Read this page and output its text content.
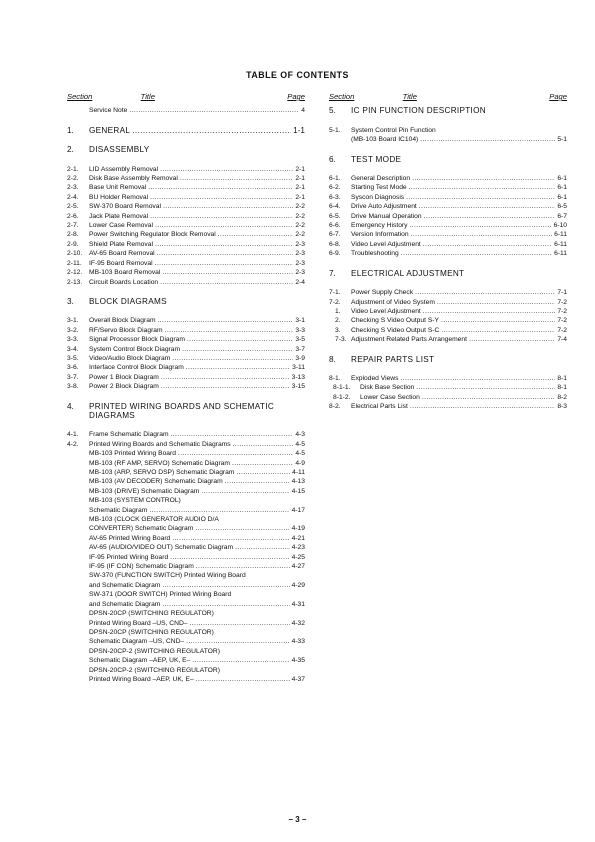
TABLE OF CONTENTS
Section	Title	Page
Service Note .....	4
1.	GENERAL .....	1-1
2.	DISASSEMBLY
2-1.	LID Assembly Removal .....	2-1
2-2.	Disk Base Assembly Removal .....	2-1
2-3.	Base Unit Removal .....	2-1
2-4.	BU Holder Removal .....	2-1
2-5.	SW-370 Board Removal .....	2-2
2-6.	Jack Plate Removal .....	2-2
2-7.	Lower Case Removal .....	2-2
2-8.	Power Switching Regulator Block Removal .....	2-2
2-9.	Shield Plate Removal .....	2-3
2-10.	AV-65 Board Removal .....	2-3
2-11.	IF-95 Board Removal .....	2-3
2-12.	MB-103 Board Removal .....	2-3
2-13.	Circuit Boards Location .....	2-4
3.	BLOCK DIAGRAMS
3-1.	Overall Block Diagram .....	3-1
3-2.	RF/Servo Block Diagram .....	3-3
3-3.	Signal Processor Block Diagram .....	3-5
3-4.	System Control Block Diagram .....	3-7
3-5.	Video/Audio Block Diagram .....	3-9
3-6.	Interface Control Block Diagram .....	3-11
3-7.	Power 1 Block Diagram .....	3-13
3-8.	Power 2 Block Diagram .....	3-15
4.	PRINTED WIRING BOARDS AND SCHEMATIC
DIAGRAMS
4-1.	Frame Schematic Diagram .....	4-3
4-2.	Printed Wiring Boards and Schematic Diagrams .....	4-5
MB-103 Printed Wiring Board .....	4-5
MB-103 (RF AMP, SERVO) Schematic Diagram .....	4-9
MB-103 (ARP, SERVO DSP) Schematic Diagram .....	4-11
MB-103 (AV DECODER) Schematic Diagram .....	4-13
MB-103 (DRIVE) Schematic Diagram .....	4-15
MB-103 (SYSTEM CONTROL)
Schematic Diagram .....	4-17
MB-103 (CLOCK GENERATOR AUDIO D/A
CONVERTER) Schematic Diagram .....	4-19
AV-65 Printed Wiring Board .....	4-21
AV-65 (AUDIO/VIDEO OUT) Schematic Diagram .....	4-23
IF-95 Printed Wiring Board .....	4-25
IF-95 (IF CON) Schematic Diagram .....	4-27
SW-370 (FUNCTION SWITCH) Printed Wiring Board
and Schematic Diagram .....	4-29
SW-371 (DOOR SWITCH) Printed Wiring Board
and Schematic Diagram .....	4-31
DPSN-20CP (SWITCHING REGULATOR)
Printed Wiring Board –US, CND– .....	4-32
DPSN-20CP (SWITCHING REGULATOR)
Schematic Diagram –US, CND– .....	4-33
DPSN-20CP-2 (SWITCHING REGULATOR)
Schematic Diagram –AEP, UK, E– .....	4-35
DPSN-20CP-2 (SWITCHING REGULATOR)
Printed Wiring Board –AEP, UK, E– .....	4-37
Section	Title	Page
5.	IC PIN FUNCTION DESCRIPTION
5-1.	System Control Pin Function
(MB-103 Board IC104) .....	5-1
6.	TEST MODE
6-1.	General Description .....	6-1
6-2.	Starting Test Mode .....	6-1
6-3.	Syscon Diagnosis .....	6-1
6-4.	Drive Auto Adjustment .....	6-5
6-5.	Drive Manual Operation .....	6-7
6-6.	Emergency History .....	6-10
6-7.	Version Information .....	6-11
6-8.	Video Level Adjustment .....	6-11
6-9.	Troubleshooting .....	6-11
7.	ELECTRICAL ADJUSTMENT
7-1.	Power Supply Check .....	7-1
7-2.	Adjustment of Video System .....	7-2
1.	Video Level Adjustment .....	7-2
2.	Checking S Video Output S-Y .....	7-2
3.	Checking S Video Output S-C .....	7-2
7-3. Adjustment Related Parts Arrangement .....	7-4
8.	REPAIR PARTS LIST
8-1.	Exploded Views .....	8-1
8-1-1.	Disk Base Section .....	8-1
8-1-2.	Lower Case Section .....	8-2
8-2.	Electrical Parts List .....	8-3
– 3 –
